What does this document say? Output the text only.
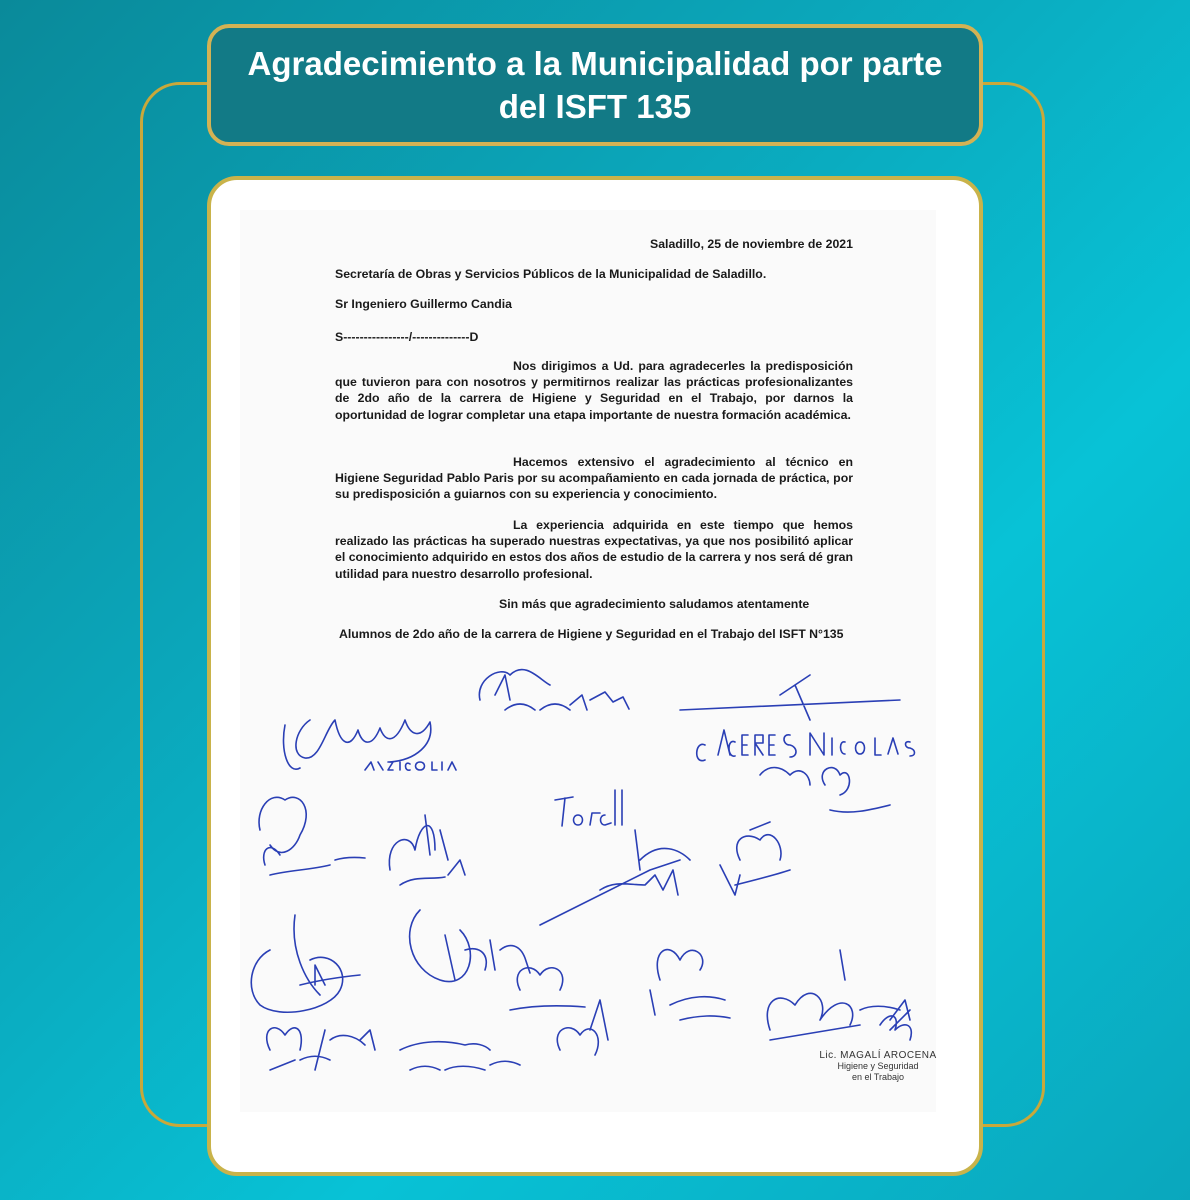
Agradecimiento a la Municipalidad por parte del ISFT 135

Saladillo, 25 de noviembre de 2021

Secretaría de Obras y Servicios Públicos de la Municipalidad de Saladillo.

Sr Ingeniero Guillermo Candia

S----------------/--------------D

Nos dirigimos a Ud. para agradecerles la predisposición que tuvieron para con nosotros y permitirnos realizar las prácticas profesionalizantes de 2do año de la carrera de Higiene y Seguridad en el Trabajo, por darnos la oportunidad de lograr completar una etapa importante de nuestra formación académica.

Hacemos extensivo el agradecimiento al técnico en Higiene Seguridad Pablo Paris por su acompañamiento en cada jornada de práctica, por su predisposición a guiarnos con su experiencia y conocimiento.

La experiencia adquirida en este tiempo que hemos realizado las prácticas ha superado nuestras expectativas, ya que nos posibilitó aplicar el conocimiento adquirido en estos dos años de estudio de la carrera y nos será dé gran utilidad para nuestro desarrollo profesional.

Sin más que agradecimiento saludamos atentamente

Alumnos de 2do año de la carrera de Higiene y Seguridad en el Trabajo del ISFT N°135

Lic. MAGALÍ AROCENA
Higiene y Seguridad
en el Trabajo
